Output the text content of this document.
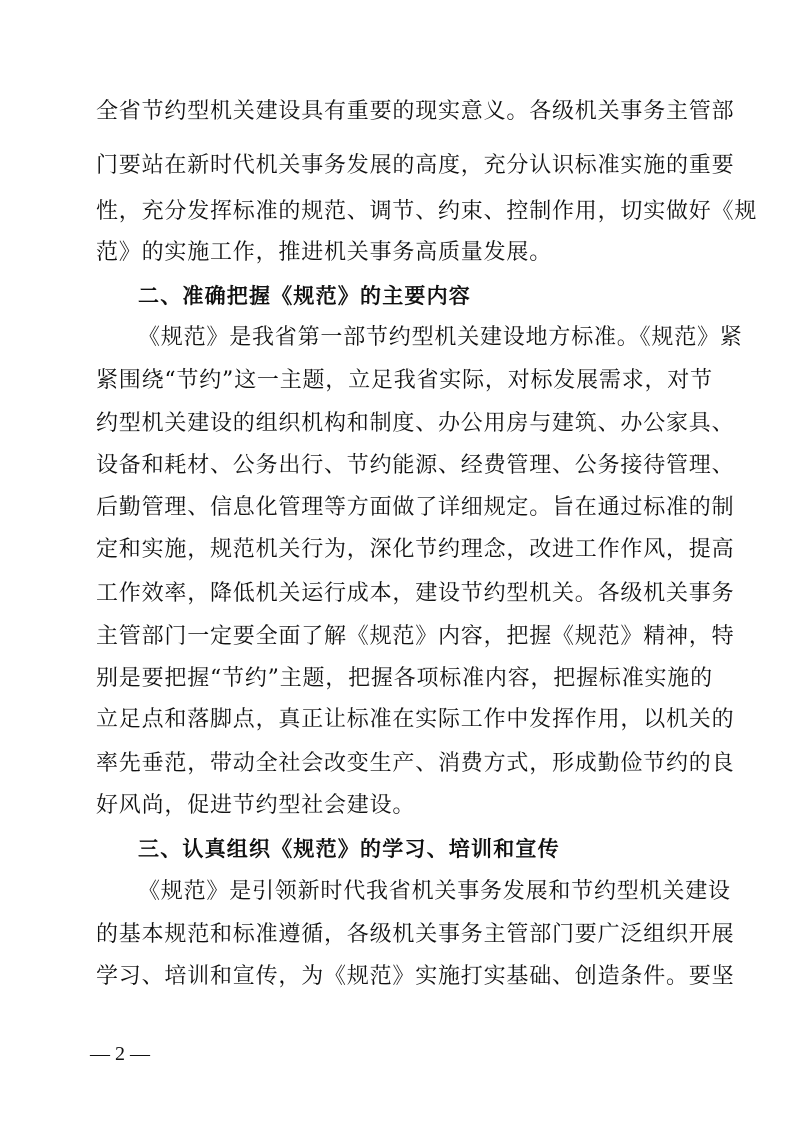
全省节约型机关建设具有重要的现实意义。各级机关事务主管部
门要站在新时代机关事务发展的高度，充分认识标准实施的重要
性，充分发挥标准的规范、调节、约束、控制作用，切实做好《规
范》的实施工作，推进机关事务高质量发展。
二、准确把握《规范》的主要内容
《规范》是我省第一部节约型机关建设地方标准。《规范》紧
紧围绕“节约”这一主题，立足我省实际，对标发展需求，对节
约型机关建设的组织机构和制度、办公用房与建筑、办公家具、
设备和耗材、公务出行、节约能源、经费管理、公务接待管理、
后勤管理、信息化管理等方面做了详细规定。旨在通过标准的制
定和实施，规范机关行为，深化节约理念，改进工作作风，提高
工作效率，降低机关运行成本，建设节约型机关。各级机关事务
主管部门一定要全面了解《规范》内容，把握《规范》精神，特
别是要把握“节约”主题，把握各项标准内容，把握标准实施的
立足点和落脚点，真正让标准在实际工作中发挥作用，以机关的
率先垂范，带动全社会改变生产、消费方式，形成勤俭节约的良
好风尚，促进节约型社会建设。
三、认真组织《规范》的学习、培训和宣传
《规范》是引领新时代我省机关事务发展和节约型机关建设
的基本规范和标准遵循，各级机关事务主管部门要广泛组织开展
学习、培训和宣传，为《规范》实施打实基础、创造条件。要坚
— 2 —
